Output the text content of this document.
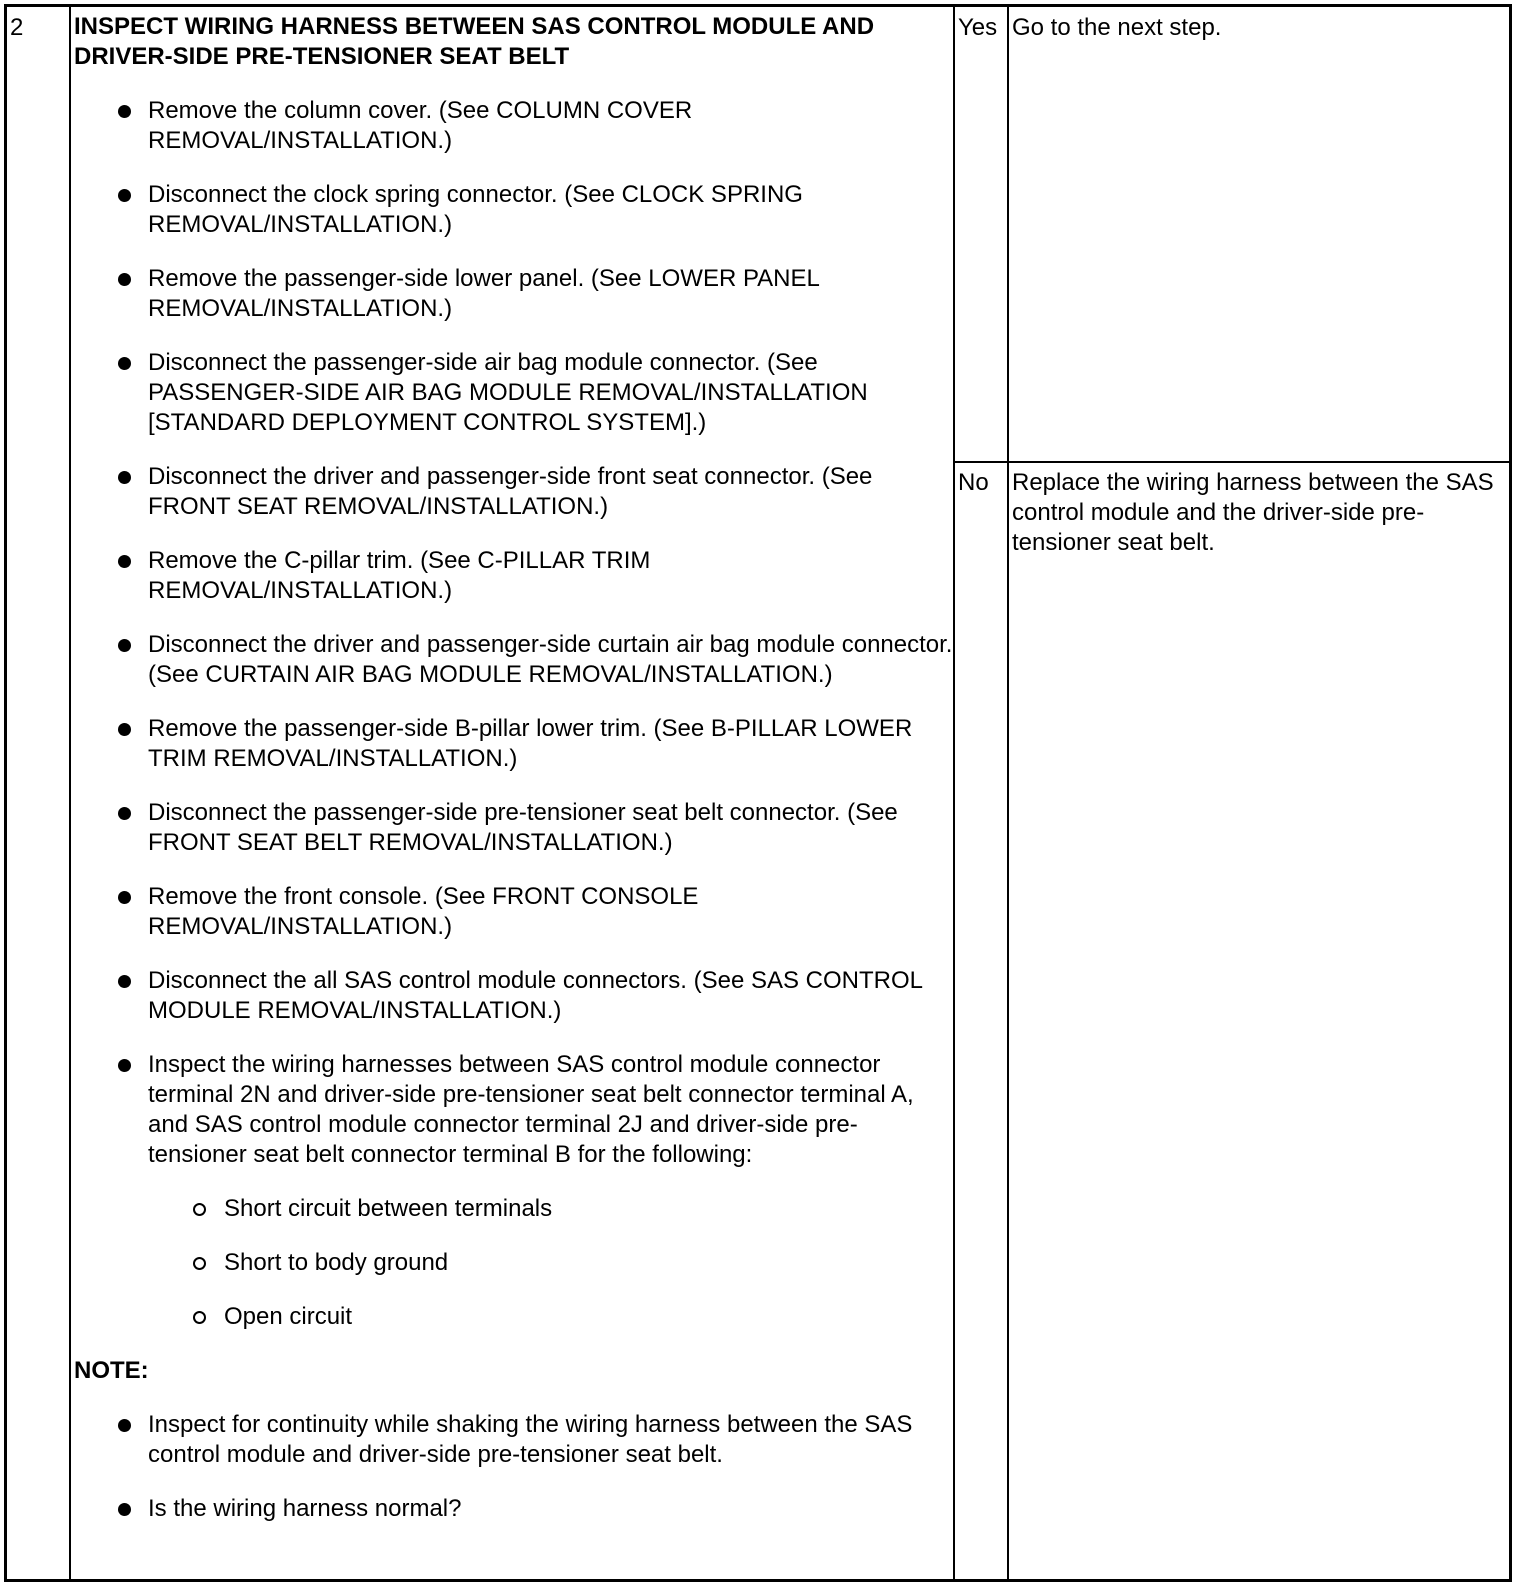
2 INSPECT WIRING HARNESS BETWEEN SAS CONTROL MODULE AND DRIVER-SIDE PRE-TENSIONER SEAT BELT

Remove the column cover. (See COLUMN COVER REMOVAL/INSTALLATION.)
Disconnect the clock spring connector. (See CLOCK SPRING REMOVAL/INSTALLATION.)
Remove the passenger-side lower panel. (See LOWER PANEL REMOVAL/INSTALLATION.)
Disconnect the passenger-side air bag module connector. (See PASSENGER-SIDE AIR BAG MODULE REMOVAL/INSTALLATION [STANDARD DEPLOYMENT CONTROL SYSTEM].)
Disconnect the driver and passenger-side front seat connector. (See FRONT SEAT REMOVAL/INSTALLATION.)
Remove the C-pillar trim. (See C-PILLAR TRIM REMOVAL/INSTALLATION.)
Disconnect the driver and passenger-side curtain air bag module connector. (See CURTAIN AIR BAG MODULE REMOVAL/INSTALLATION.)
Remove the passenger-side B-pillar lower trim. (See B-PILLAR LOWER TRIM REMOVAL/INSTALLATION.)
Disconnect the passenger-side pre-tensioner seat belt connector. (See FRONT SEAT BELT REMOVAL/INSTALLATION.)
Remove the front console. (See FRONT CONSOLE REMOVAL/INSTALLATION.)
Disconnect the all SAS control module connectors. (See SAS CONTROL MODULE REMOVAL/INSTALLATION.)
Inspect the wiring harnesses between SAS control module connector terminal 2N and driver-side pre-tensioner seat belt connector terminal A, and SAS control module connector terminal 2J and driver-side pre-tensioner seat belt connector terminal B for the following:
Short circuit between terminals
Short to body ground
Open circuit
NOTE:
Inspect for continuity while shaking the wiring harness between the SAS control module and driver-side pre-tensioner seat belt.
Is the wiring harness normal?
Yes Go to the next step.
No Replace the wiring harness between the SAS control module and the driver-side pre-tensioner seat belt.
